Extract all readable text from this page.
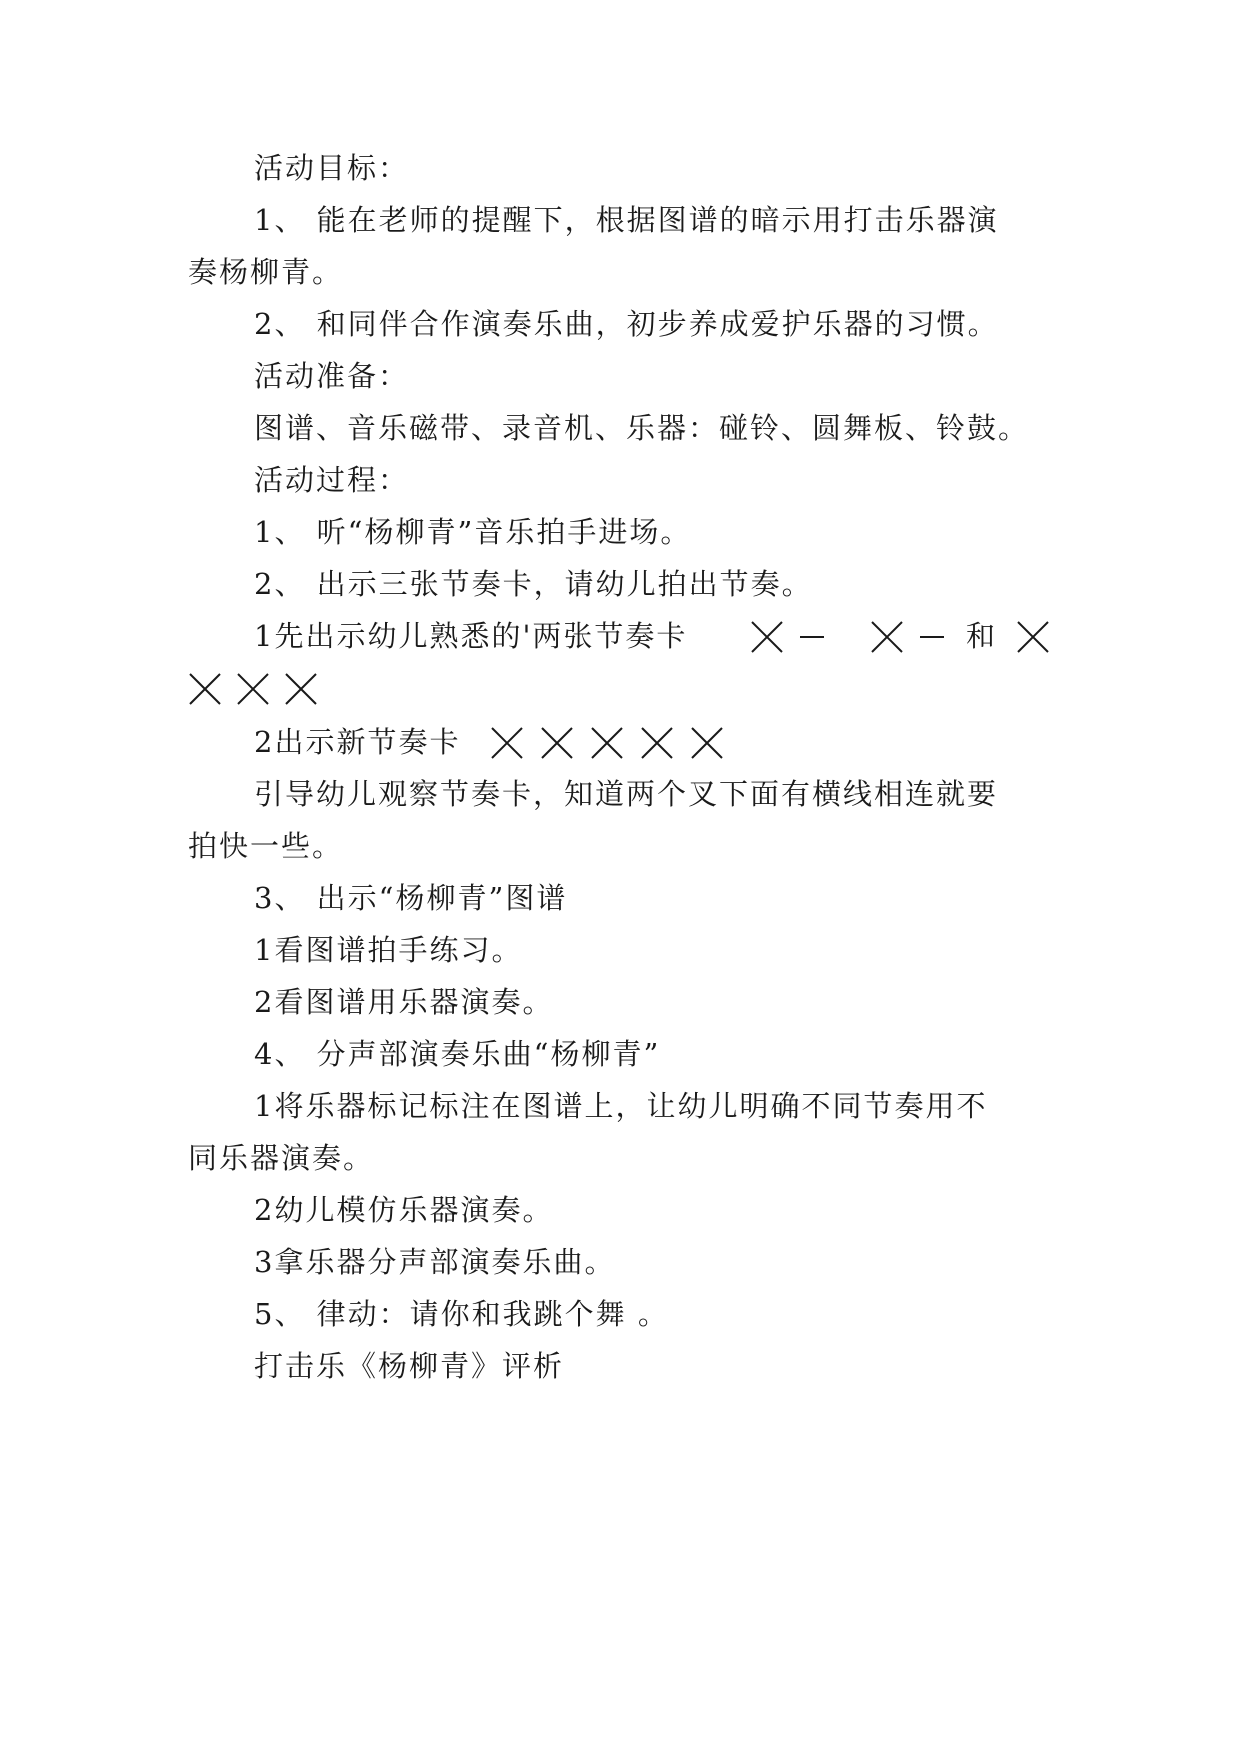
活动目标：
1、 能在老师的提醒下，根据图谱的暗示用打击乐器演
奏杨柳青。
2、 和同伴合作演奏乐曲，初步养成爱护乐器的习惯。
活动准备：
图谱、音乐磁带、录音机、乐器：碰铃、圆舞板、铃鼓。
活动过程：
1、 听“杨柳青”音乐拍手进场。
2、 出示三张节奏卡，请幼儿拍出节奏。
1先出示幼儿熟悉的'两张节奏卡	和
2出示新节奏卡
引导幼儿观察节奏卡，知道两个叉下面有横线相连就要
拍快一些。
3、 出示“杨柳青”图谱
1看图谱拍手练习。
2看图谱用乐器演奏。
4、 分声部演奏乐曲“杨柳青”
1将乐器标记标注在图谱上，让幼儿明确不同节奏用不
同乐器演奏。
2幼儿模仿乐器演奏。
3拿乐器分声部演奏乐曲。
5、 律动：请你和我跳个舞 。
打击乐《杨柳青》评析
